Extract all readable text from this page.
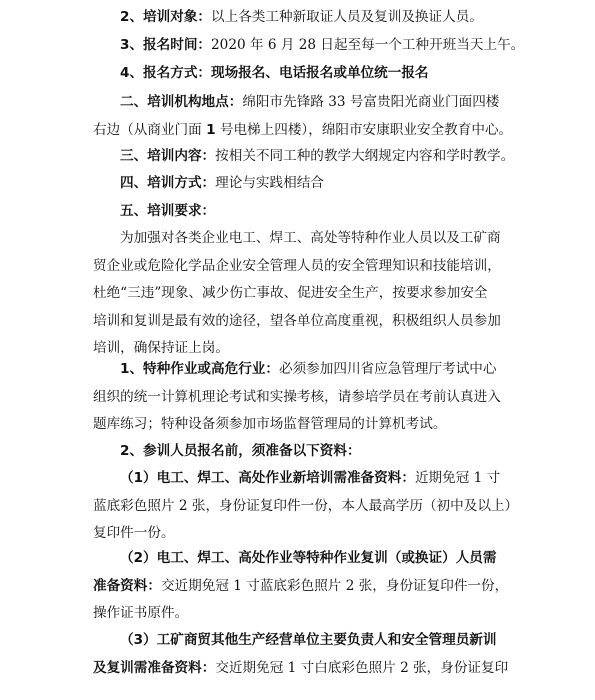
2、培训对象：以上各类工种新取证人员及复训及换证人员。
3、报名时间：2020 年 6 月 28 日起至每一个工种开班当天上午。
4、报名方式：现场报名、电话报名或单位统一报名
二、培训机构地点：绵阳市先锋路 33 号富贵阳光商业门面四楼
右边（从商业门面 1 号电梯上四楼），绵阳市安康职业安全教育中心。
三、培训内容：按相关不同工种的教学大纲规定内容和学时教学。
四、培训方式：理论与实践相结合
五、培训要求：
为加强对各类企业电工、焊工、高处等特种作业人员以及工矿商
贸企业或危险化学品企业安全管理人员的安全管理知识和技能培训，
杜绝“三违”现象、减少伤亡事故、促进安全生产，按要求参加安全
培训和复训是最有效的途径，望各单位高度重视，积极组织人员参加
培训，确保持证上岗。
1、特种作业或高危行业：必须参加四川省应急管理厅考试中心
组织的统一计算机理论考试和实操考核，请参培学员在考前认真进入
题库练习；特种设备须参加市场监督管理局的计算机考试。
2、参训人员报名前，须准备以下资料：
（1）电工、焊工、高处作业新培训需准备资料：近期免冠 1 寸
蓝底彩色照片 2 张，身份证复印件一份，本人最高学历（初中及以上）
复印件一份。
（2）电工、焊工、高处作业等特种作业复训（或换证）人员需
准备资料：交近期免冠 1 寸蓝底彩色照片 2 张，身份证复印件一份，
操作证书原件。
（3）工矿商贸其他生产经营单位主要负责人和安全管理员新训
及复训需准备资料：交近期免冠 1 寸白底彩色照片 2 张，身份证复印
